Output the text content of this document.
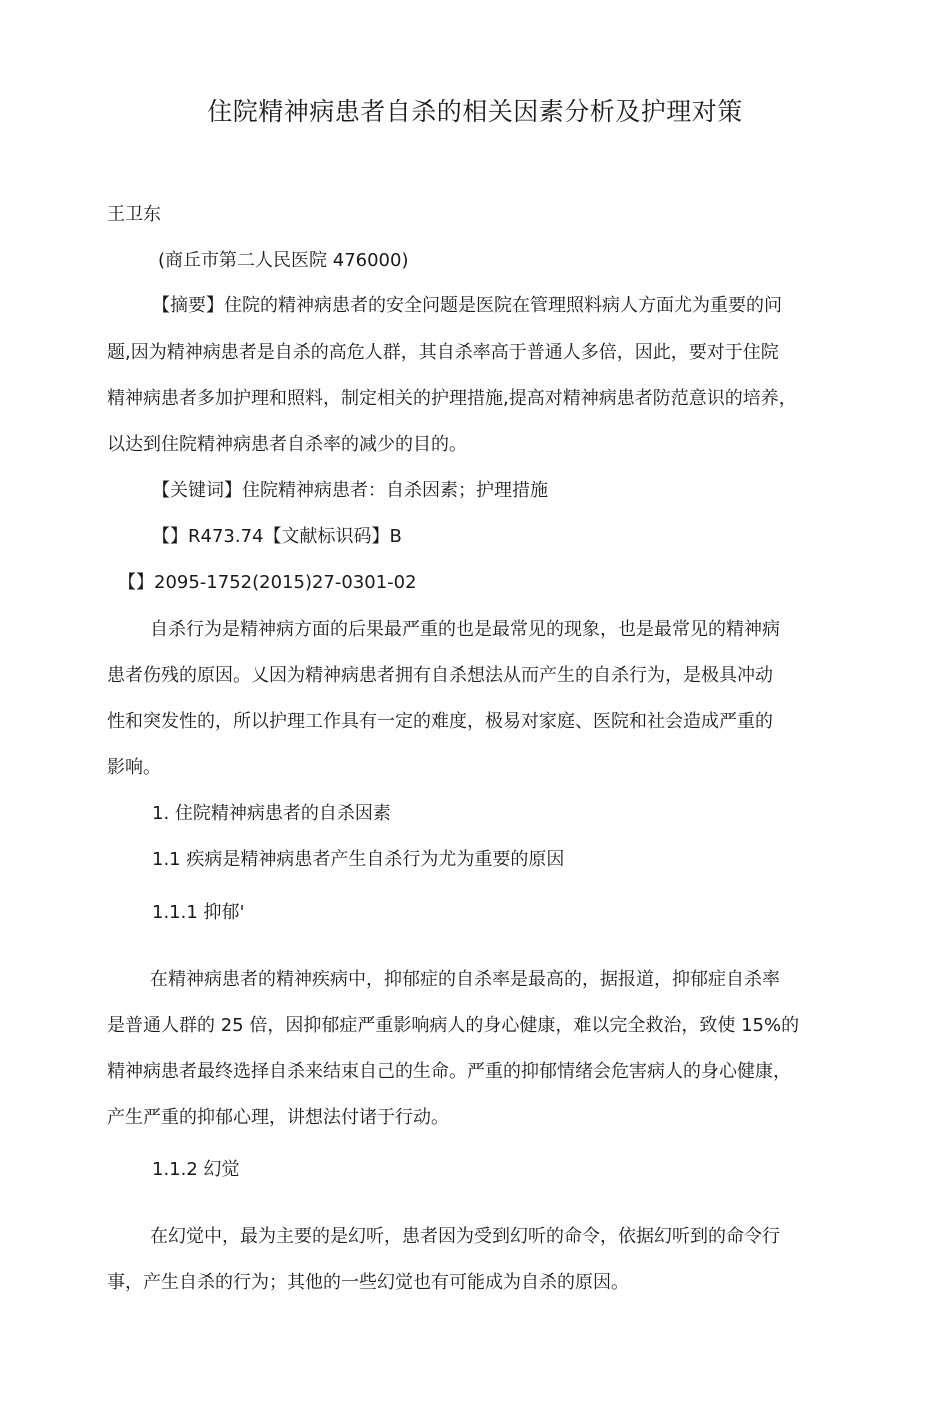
住院精神病患者自杀的相关因素分析及护理对策
王卫东
(商丘市第二人民医院 476000)
【摘要】住院的精神病患者的安全问题是医院在管理照料病人方面尤为重要的问
题,因为精神病患者是自杀的高危人群，其自杀率高于普通人多倍，因此，要对于住院
精神病患者多加护理和照料，制定相关的护理措施,提高对精神病患者防范意识的培养，
以达到住院精神病患者自杀率的减少的目的。
【关键词】住院精神病患者：自杀因素；护理措施
【】R473.74【文献标识码】B
【】2095-1752(2015)27-0301-02
自杀行为是精神病方面的后果最严重的也是最常见的现象，也是最常见的精神病
患者伤残的原因。乂因为精神病患者拥有自杀想法从而产生的自杀行为，是极具冲动
性和突发性的，所以护理工作具有一定的难度，极易对家庭、医院和社会造成严重的
影响。
1. 住院精神病患者的自杀因素
1.1 疾病是精神病患者产生自杀行为尤为重要的原因
1.1.1 抑郁'
在精神病患者的精神疾病中，抑郁症的自杀率是最高的，据报道，抑郁症自杀率
是普通人群的 25 倍，因抑郁症严重影响病人的身心健康，难以完全救治，致使 15%的
精神病患者最终选择自杀来结束自己的生命。严重的抑郁情绪会危害病人的身心健康，
产生严重的抑郁心理，讲想法付诸于行动。
1.1.2 幻觉
在幻觉中，最为主要的是幻听，患者因为受到幻听的命令，依据幻听到的命令行
事，产生自杀的行为；其他的一些幻觉也有可能成为自杀的原因。
